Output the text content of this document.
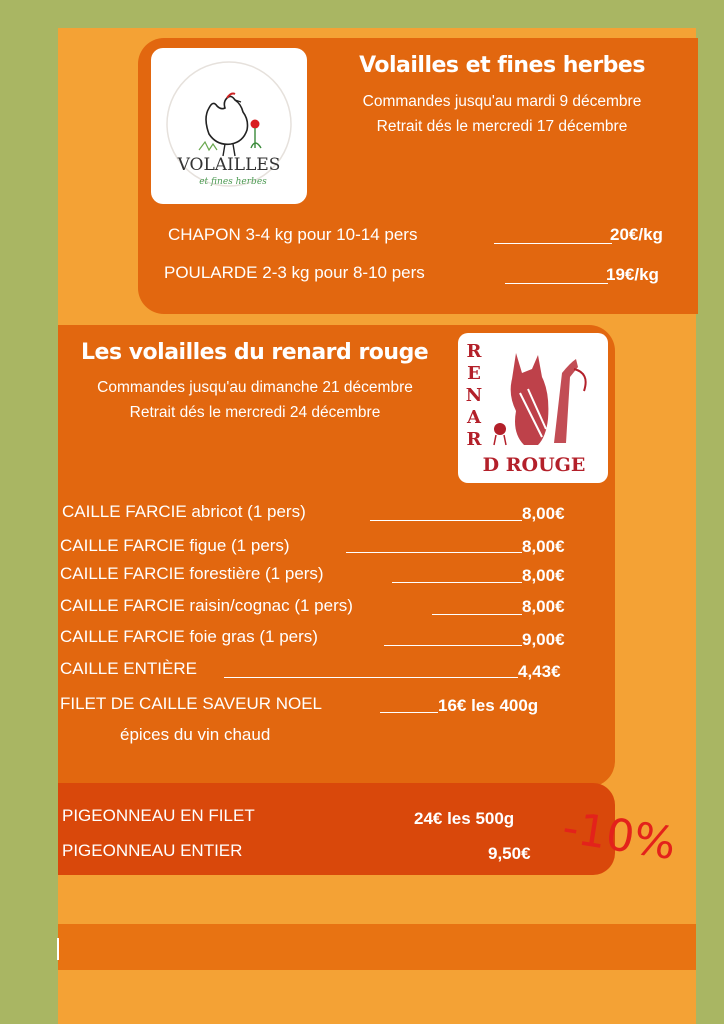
VOLAILLES
et fines herbes
Volailles et fines herbes
Commandes jusqu'au mardi 9 décembre
Retrait dés le mercredi 17 décembre
CHAPON 3-4 kg pour 10-14 pers	20€/kg
POULARDE 2-3 kg pour 8-10 pers	19€/kg
Les volailles du renard rouge
Commandes jusqu'au dimanche 21 décembre
Retrait dés le mercredi 24 décembre
R
E
N
A
R
D ROUGE
CAILLE FARCIE abricot (1 pers)	8,00€
CAILLE FARCIE figue (1 pers)	8,00€
CAILLE FARCIE forestière (1 pers)	8,00€
CAILLE FARCIE raisin/cognac (1 pers)	8,00€
CAILLE FARCIE foie gras (1 pers)	9,00€
CAILLE ENTIÈRE	4,43€
FILET DE CAILLE SAVEUR NOEL	16€ les 400g
épices du vin chaud
PIGEONNEAU EN FILET	24€ les 500g
PIGEONNEAU ENTIER	9,50€ -10%
